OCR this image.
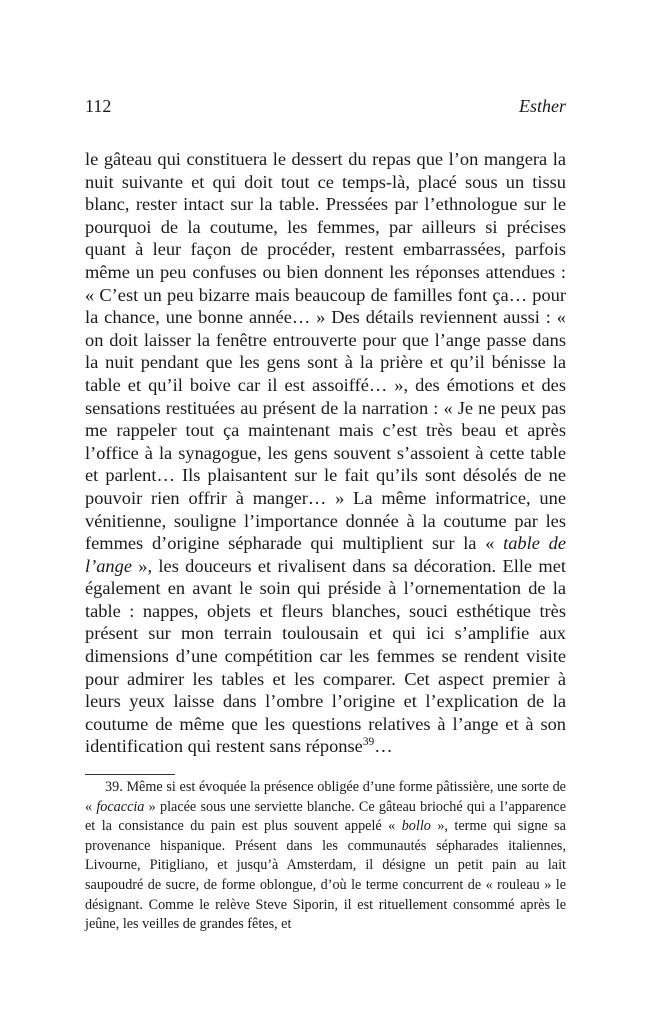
112	Esther

le gâteau qui constituera le dessert du repas que l’on mangera la nuit suivante et qui doit tout ce temps-là, placé sous un tissu blanc, rester intact sur la table. Pressées par l’ethnologue sur le pourquoi de la coutume, les femmes, par ailleurs si précises quant à leur façon de procéder, restent embarrassées, parfois même un peu confuses ou bien donnent les réponses attendues : « C’est un peu bizarre mais beaucoup de familles font ça… pour la chance, une bonne année… » Des détails reviennent aussi : « on doit laisser la fenêtre entrouverte pour que l’ange passe dans la nuit pendant que les gens sont à la prière et qu’il bénisse la table et qu’il boive car il est assoiffé… », des émotions et des sensations restituées au présent de la narration : « Je ne peux pas me rappeler tout ça maintenant mais c’est très beau et après l’office à la synagogue, les gens souvent s’assoient à cette table et parlent… Ils plaisantent sur le fait qu’ils sont désolés de ne pouvoir rien offrir à manger… » La même informatrice, une vénitienne, souligne l’importance donnée à la coutume par les femmes d’origine sépharade qui multiplient sur la « table de l’ange », les douceurs et rivalisent dans sa décoration. Elle met également en avant le soin qui préside à l’ornementation de la table : nappes, objets et fleurs blanches, souci esthétique très présent sur mon terrain toulousain et qui ici s’amplifie aux dimensions d’une compétition car les femmes se rendent visite pour admirer les tables et les comparer. Cet aspect premier à leurs yeux laisse dans l’ombre l’origine et l’explication de la coutume de même que les questions relatives à l’ange et à son identification qui restent sans réponse$^{39}$…

39. Même si est évoquée la présence obligée d’une forme pâtissière, une sorte de « focaccia » placée sous une serviette blanche. Ce gâteau brioché qui a l’apparence et la consistance du pain est plus souvent appelé « bollo », terme qui signe sa provenance hispanique. Présent dans les communautés sépharades italiennes, Livourne, Pitigliano, et jusqu’à Amsterdam, il désigne un petit pain au lait saupoudré de sucre, de forme oblongue, d’où le terme concurrent de « rouleau » le désignant. Comme le relève Steve Siporin, il est rituellement consommé après le jeûne, les veilles de grandes fêtes, et
